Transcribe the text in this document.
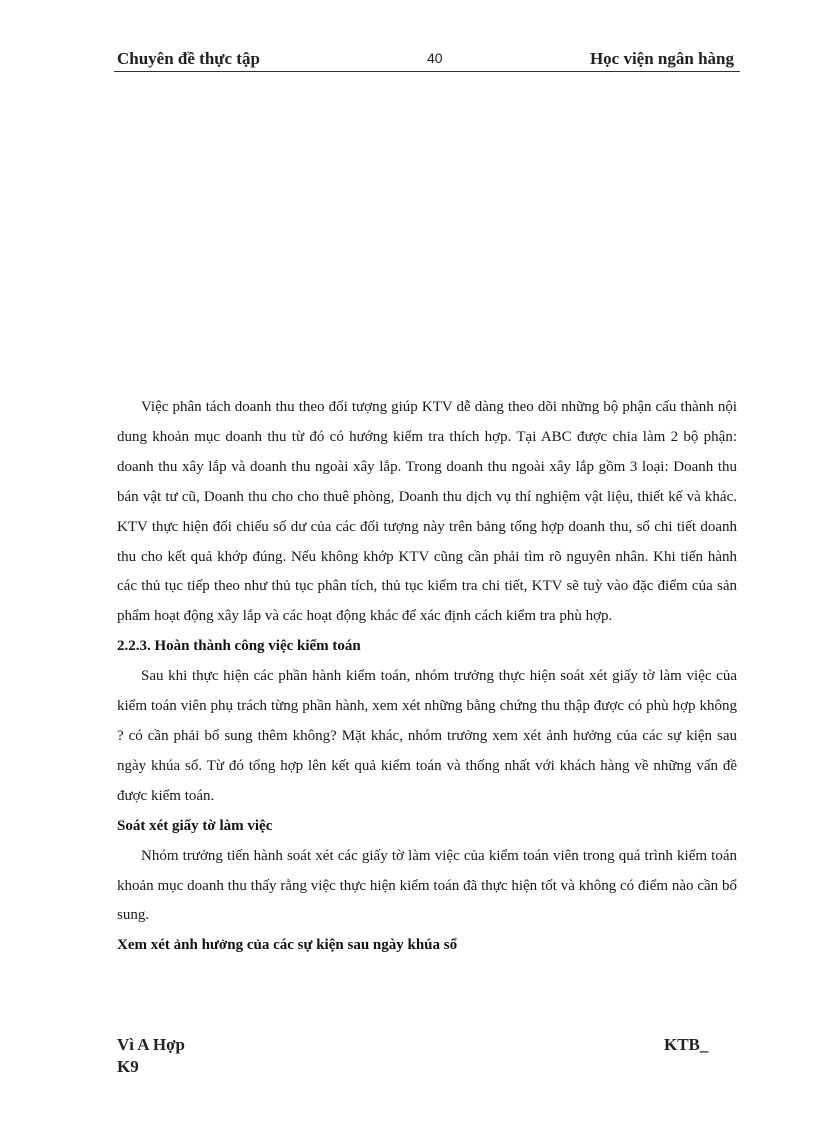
Chuyên đề thực tập	40	Học viện ngân hàng

Việc phân tách doanh thu theo đối tượng giúp KTV dễ dàng theo dõi những bộ phận cấu thành nội dung khoản mục doanh thu từ đó có hướng kiểm tra thích hợp. Tại ABC được chia làm 2 bộ phận: doanh thu xây lắp và doanh thu ngoài xây lắp. Trong doanh thu ngoài xây lắp gồm 3 loại: Doanh thu bán vật tư cũ, Doanh thu cho cho thuê phòng, Doanh thu dịch vụ thí nghiệm vật liệu, thiết kế và khác. KTV thực hiện đối chiếu số dư của các đối tượng này trên bảng tổng hợp doanh thu, sổ chi tiết doanh thu cho kết quả khớp đúng. Nếu không khớp KTV cũng cần phải tìm rõ nguyên nhân. Khi tiến hành các thủ tục tiếp theo như thủ tục phân tích, thủ tục kiểm tra chi tiết, KTV sẽ tuỳ vào đặc điểm của sản phẩm hoạt động xây lắp và các hoạt động khác để xác định cách kiểm tra phù hợp.

2.2.3. Hoàn thành công việc kiểm toán

Sau khi thực hiện các phần hành kiểm toán, nhóm trưởng thực hiện soát xét giấy tờ làm việc của kiểm toán viên phụ trách từng phần hành, xem xét những bằng chứng thu thập được có phù hợp không ? có cần phải bổ sung thêm không? Mặt khác, nhóm trưởng xem xét ảnh hưởng của các sự kiện sau ngày khúa sổ. Từ đó tổng hợp lên kết quả kiểm toán và thống nhất với khách hàng về những vấn đề được kiểm toán.

Soát xét giấy tờ làm việc

Nhóm trưởng tiến hành soát xét các giấy tờ làm việc của kiểm toán viên trong quá trình kiểm toán khoản mục doanh thu thấy rằng việc thực hiện kiểm toán đã thực hiện tốt và không có điểm nào cần bổ sung.

Xem xét ảnh hưởng của các sự kiện sau ngày khúa sổ
Vì A Hợp
K9
KTB_
